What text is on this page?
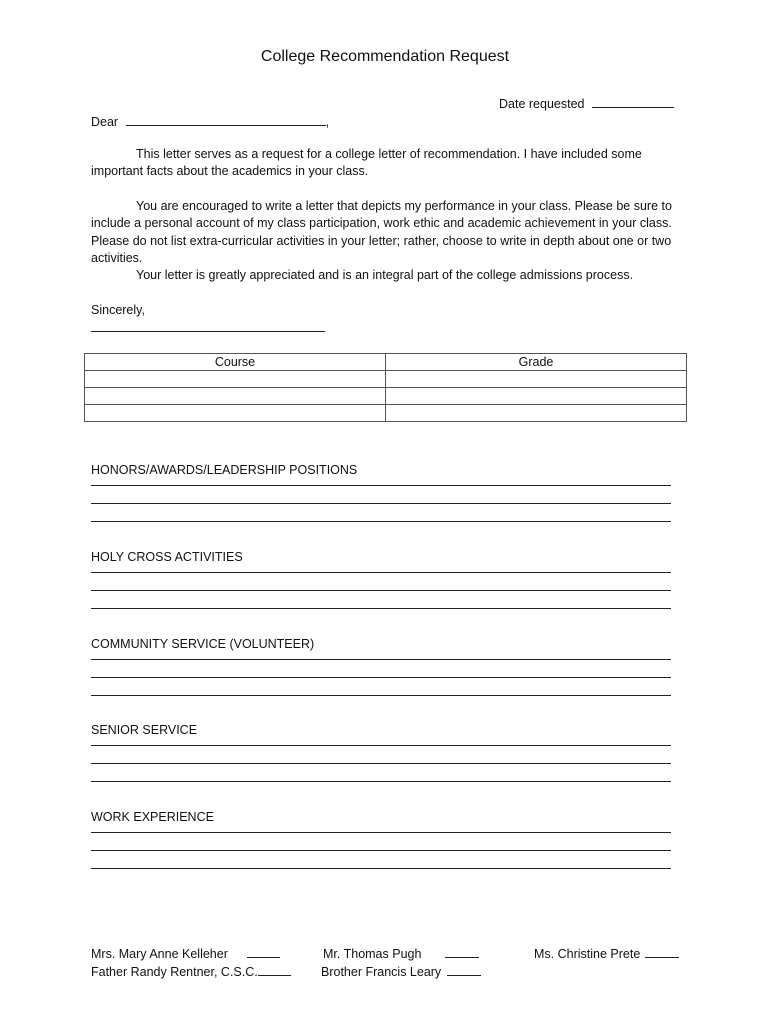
College Recommendation Request
Date requested
Dear	,

This letter serves as a request for a college letter of recommendation. I have included some important facts about the academics in your class.

You are encouraged to write a letter that depicts my performance in your class. Please be sure to include a personal account of my class participation, work ethic and academic achievement in your class. Please do not list extra-curricular activities in your letter; rather, choose to write in depth about one or two activities.

Your letter is greatly appreciated and is an integral part of the college admissions process.

Sincerely,
Course	Grade

HONORS/AWARDS/LEADERSHIP POSITIONS
HOLY CROSS ACTIVITIES
COMMUNITY SERVICE (VOLUNTEER)
SENIOR SERVICE
WORK EXPERIENCE
Mrs. Mary Anne Kelleher
Father Randy Rentner, C.S.C.
Mr. Thomas Pugh
Brother Francis Leary
Ms. Christine Prete
